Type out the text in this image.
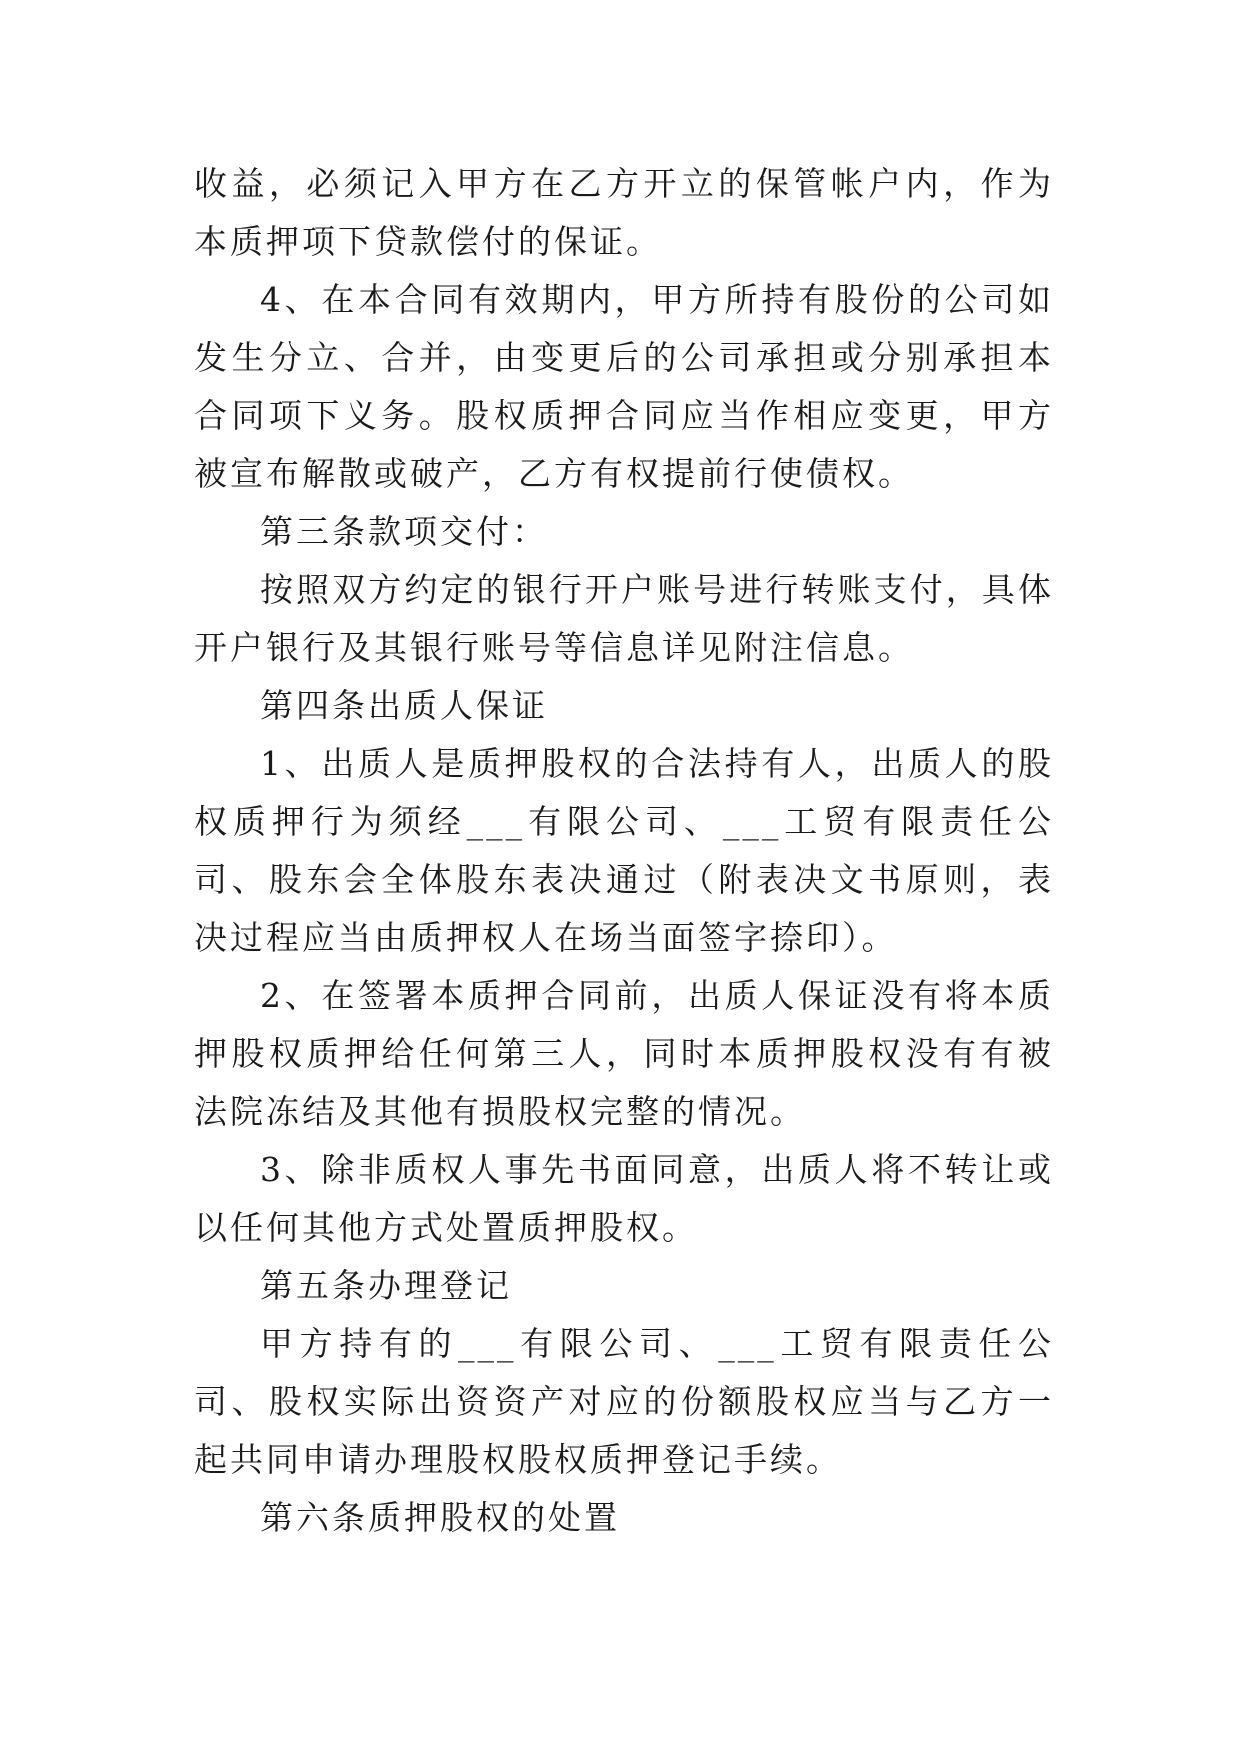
收益，必须记入甲方在乙方开立的保管帐户内，作为本质押项下贷款偿付的保证。

4、在本合同有效期内，甲方所持有股份的公司如发生分立、合并，由变更后的公司承担或分别承担本合同项下义务。股权质押合同应当作相应变更，甲方被宣布解散或破产，乙方有权提前行使债权。

第三条款项交付：

按照双方约定的银行开户账号进行转账支付，具体开户银行及其银行账号等信息详见附注信息。

第四条出质人保证

1、出质人是质押股权的合法持有人，出质人的股权质押行为须经___有限公司、___工贸有限责任公司、股东会全体股东表决通过（附表决文书原则，表决过程应当由质押权人在场当面签字捺印）。

2、在签署本质押合同前，出质人保证没有将本质押股权质押给任何第三人，同时本质押股权没有有被法院冻结及其他有损股权完整的情况。

3、除非质权人事先书面同意，出质人将不转让或以任何其他方式处置质押股权。

第五条办理登记

甲方持有的___有限公司、___工贸有限责任公司、股权实际出资资产对应的份额股权应当与乙方一起共同申请办理股权股权质押登记手续。

第六条质押股权的处置
